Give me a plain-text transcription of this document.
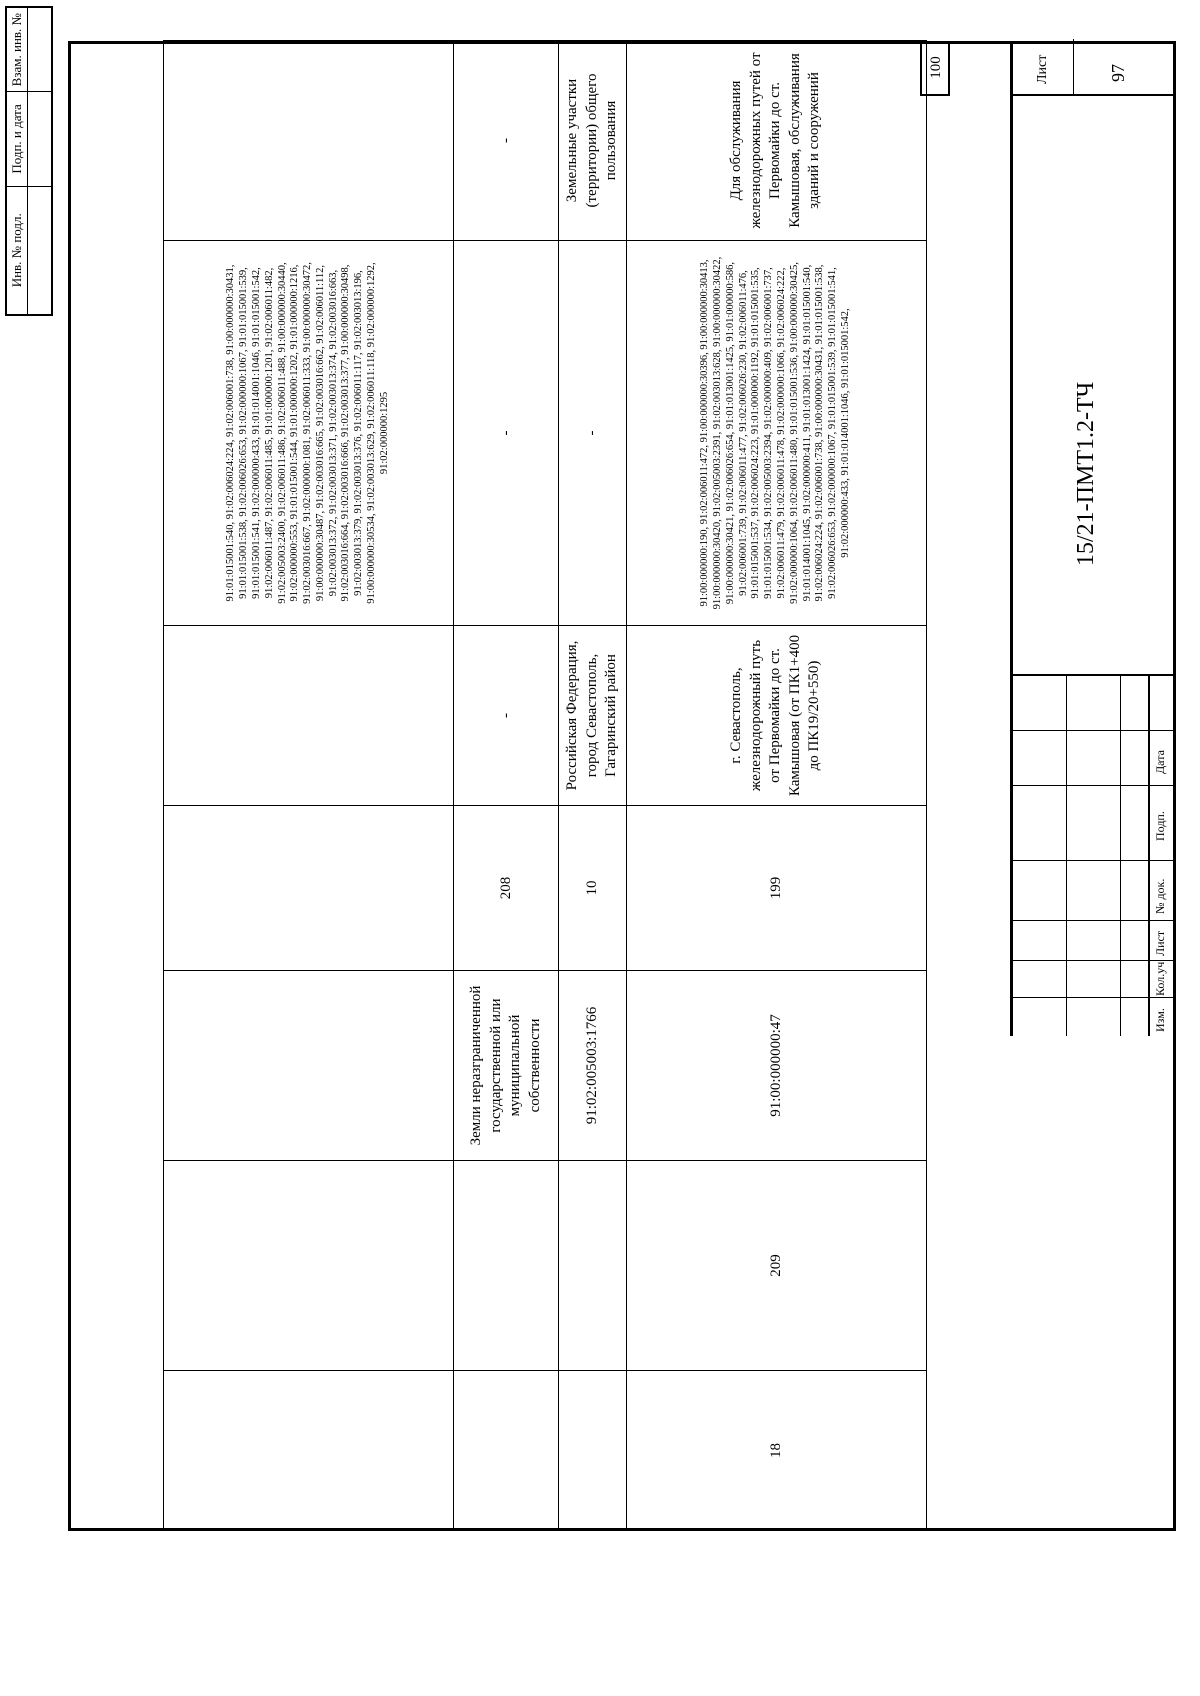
Инв. № подл.
Подп. и дата
Взам. инв. №
					91:01:015001:540, 91:02:006024:224, 91:02:006001:738, 91:00:000000:30431, 91:01:015001:538, 91:02:006026:653, 91:02:000000:1067, 91:01:015001:539, 91:01:015001:541, 91:02:000000:433, 91:01:014001:1046, 91:01:015001:542, 91:02:006011:487, 91:02:006011:485, 91:01:000000:1201, 91:02:006011:482, 91:02:005003:2400, 91:02:006011:486, 91:02:006011:488, 91:00:000000:30440, 91:02:000000:553, 91:01:015001:544, 91:01:000000:1202, 91:01:000000:1216, 91:02:003016:667, 91:02:000000:1081, 91:02:006011:333, 91:00:000000:30472, 91:00:000000:30487, 91:02:003016:665, 91:02:003016:662, 91:02:006011:112, 91:02:003013:372, 91:02:003013:371, 91:02:003013:374, 91:02:003016:663, 91:02:003016:664, 91:02:003016:666, 91:02:003013:377, 91:00:000000:30498, 91:02:003013:379, 91:02:003013:376, 91:02:006011:117, 91:02:003013:196, 91:00:000000:30534, 91:02:003013:629, 91:02:006011:118, 91:02:000000:1292, 91:02:000000:1295	
		Земли неразграниченной государственной или муниципальной собственности	208	-	-	-
		91:02:005003:1766	10	Российская Федерация, город Севастополь, Гагаринский район	-	Земельные участки (территории) общего пользования
18	209	91:00:000000:47	199	г. Севастополь, железнодорожный путь от Первомайки до ст. Камышовая (от ПК1+400 до ПК19/20+550)	91:00:000000:190, 91:02:006011:472, 91:00:000000:30396, 91:00:000000:30413, 91:00:000000:30420, 91:02:005003:2391, 91:02:003013:628, 91:00:000000:30422, 91:00:000000:30421, 91:02:006026:654, 91:01:013001:1425, 91:01:000000:586, 91:02:006001:739, 91:02:006011:477, 91:02:006026:230, 91:02:006011:476, 91:01:015001:537, 91:02:006024:223, 91:01:000000:1192, 91:01:015001:535, 91:01:015001:534, 91:02:005003:2394, 91:02:000000:409, 91:02:006001:737, 91:02:006011:479, 91:02:006011:478, 91:02:000000:1066, 91:02:006024:222, 91:02:000000:1064, 91:02:006011:480, 91:01:015001:536, 91:00:000000:30425, 91:01:014001:1045, 91:02:000000:411, 91:01:013001:1424, 91:01:015001:540, 91:02:006024:224, 91:02:006001:738, 91:00:000000:30431, 91:01:015001:538, 91:02:006026:653, 91:02:000000:1067, 91:01:015001:539, 91:01:015001:541, 91:02:000000:433, 91:01:014001:1046, 91:01:015001:542,	Для обслуживания железнодорожных путей от Первомайки до ст. Камышовая, обслуживания зданий и сооружений
100
Изм.
Кол.уч
Лист
№ док.
Подп.
Дата
15/21-ПМТ1.2-ТЧ
Лист	97
